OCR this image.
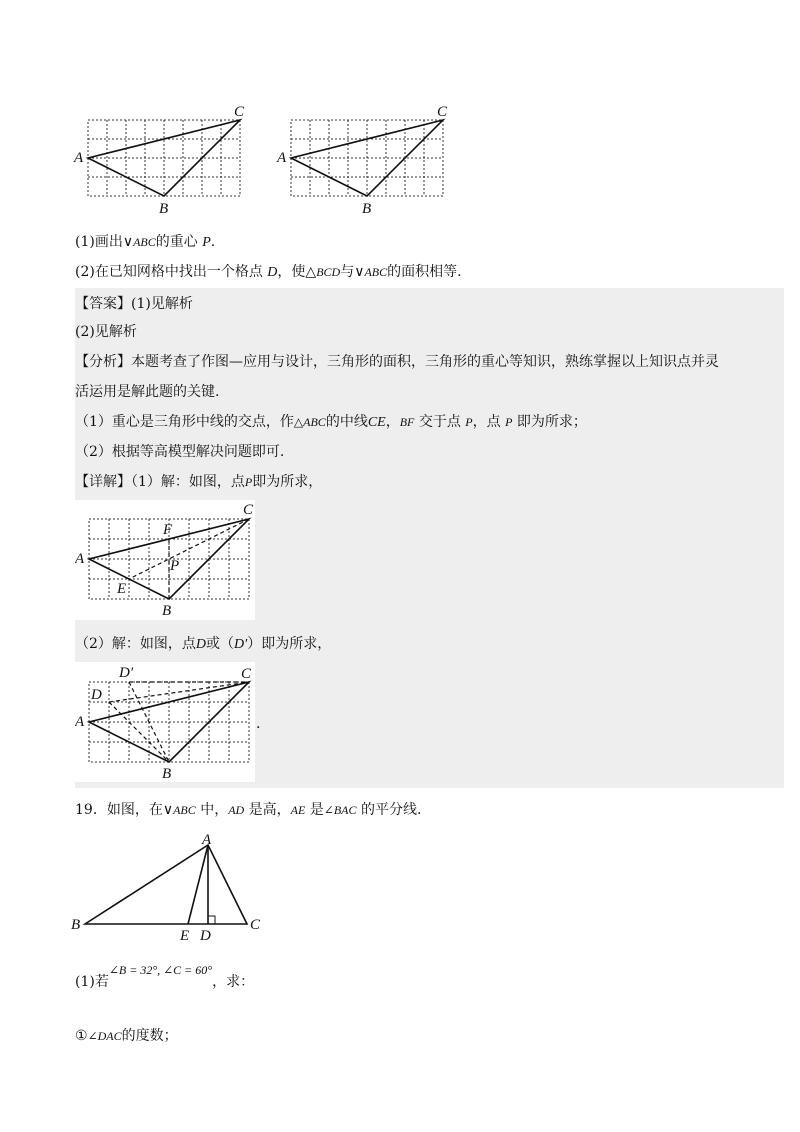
A
B
C
A
B
C
(1)画出∨ABC的重心 P.
(2)在已知网格中找出一个格点 D，使△BCD与∨ABC的面积相等.
【答案】(1)见解析
(2)见解析
【分析】本题考查了作图—应用与设计，三角形的面积，三角形的重心等知识，熟练掌握以上知识点并灵
活运用是解此题的关键.
（1）重心是三角形中线的交点，作△ABC的中线CE，BF 交于点 P，点 P 即为所求；
（2）根据等高模型解决问题即可.
【详解】（1）解：如图，点P即为所求，
A
B
C
E
F
P
（2）解：如图，点D或（D′）即为所求，
A
B
C
D
D′
.
19．如图，在∨ABC 中，AD 是高，AE 是∠BAC 的平分线.
A
B	C
E D
(1)若∠B = 32°, ∠C = 60°，求：
①∠DAC的度数；
